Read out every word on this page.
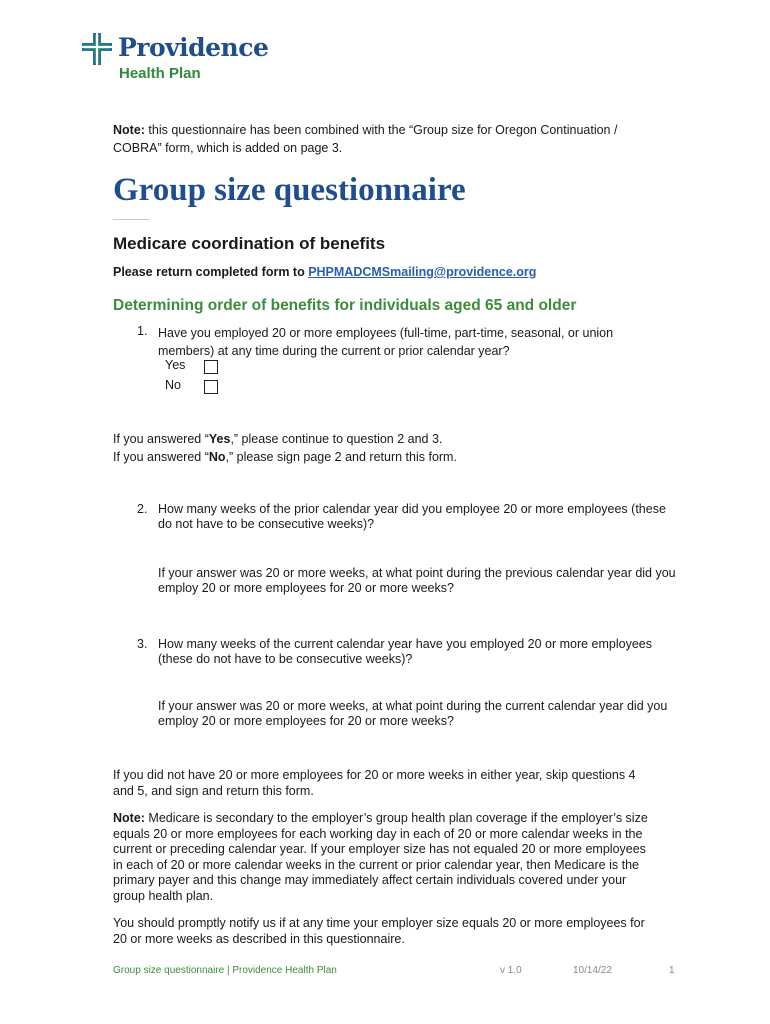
Providence
Health Plan
Note: this questionnaire has been combined with the “Group size for Oregon Continuation / COBRA” form, which is added on page 3.
Group size questionnaire
Medicare coordination of benefits
Please return completed form to PHPMADCMSmailing@providence.org
Determining order of benefits for individuals aged 65 and older
1. Have you employed 20 or more employees (full-time, part-time, seasonal, or union members) at any time during the current or prior calendar year?
Yes
No
If you answered “Yes,” please continue to question 2 and 3.
If you answered “No,” please sign page 2 and return this form.
2. How many weeks of the prior calendar year did you employee 20 or more employees (these do not have to be consecutive weeks)?
If your answer was 20 or more weeks, at what point during the previous calendar year did you employ 20 or more employees for 20 or more weeks?
3. How many weeks of the current calendar year have you employed 20 or more employees (these do not have to be consecutive weeks)?
If your answer was 20 or more weeks, at what point during the current calendar year did you employ 20 or more employees for 20 or more weeks?
If you did not have 20 or more employees for 20 or more weeks in either year, skip questions 4 and 5, and sign and return this form.
Note: Medicare is secondary to the employer’s group health plan coverage if the employer’s size equals 20 or more employees for each working day in each of 20 or more calendar weeks in the current or preceding calendar year. If your employer size has not equaled 20 or more employees in each of 20 or more calendar weeks in the current or prior calendar year, then Medicare is the primary payer and this change may immediately affect certain individuals covered under your group health plan.
You should promptly notify us if at any time your employer size equals 20 or more employees for 20 or more weeks as described in this questionnaire.
Group size questionnaire | Providence Health Plan	v 1.0	10/14/22	1
